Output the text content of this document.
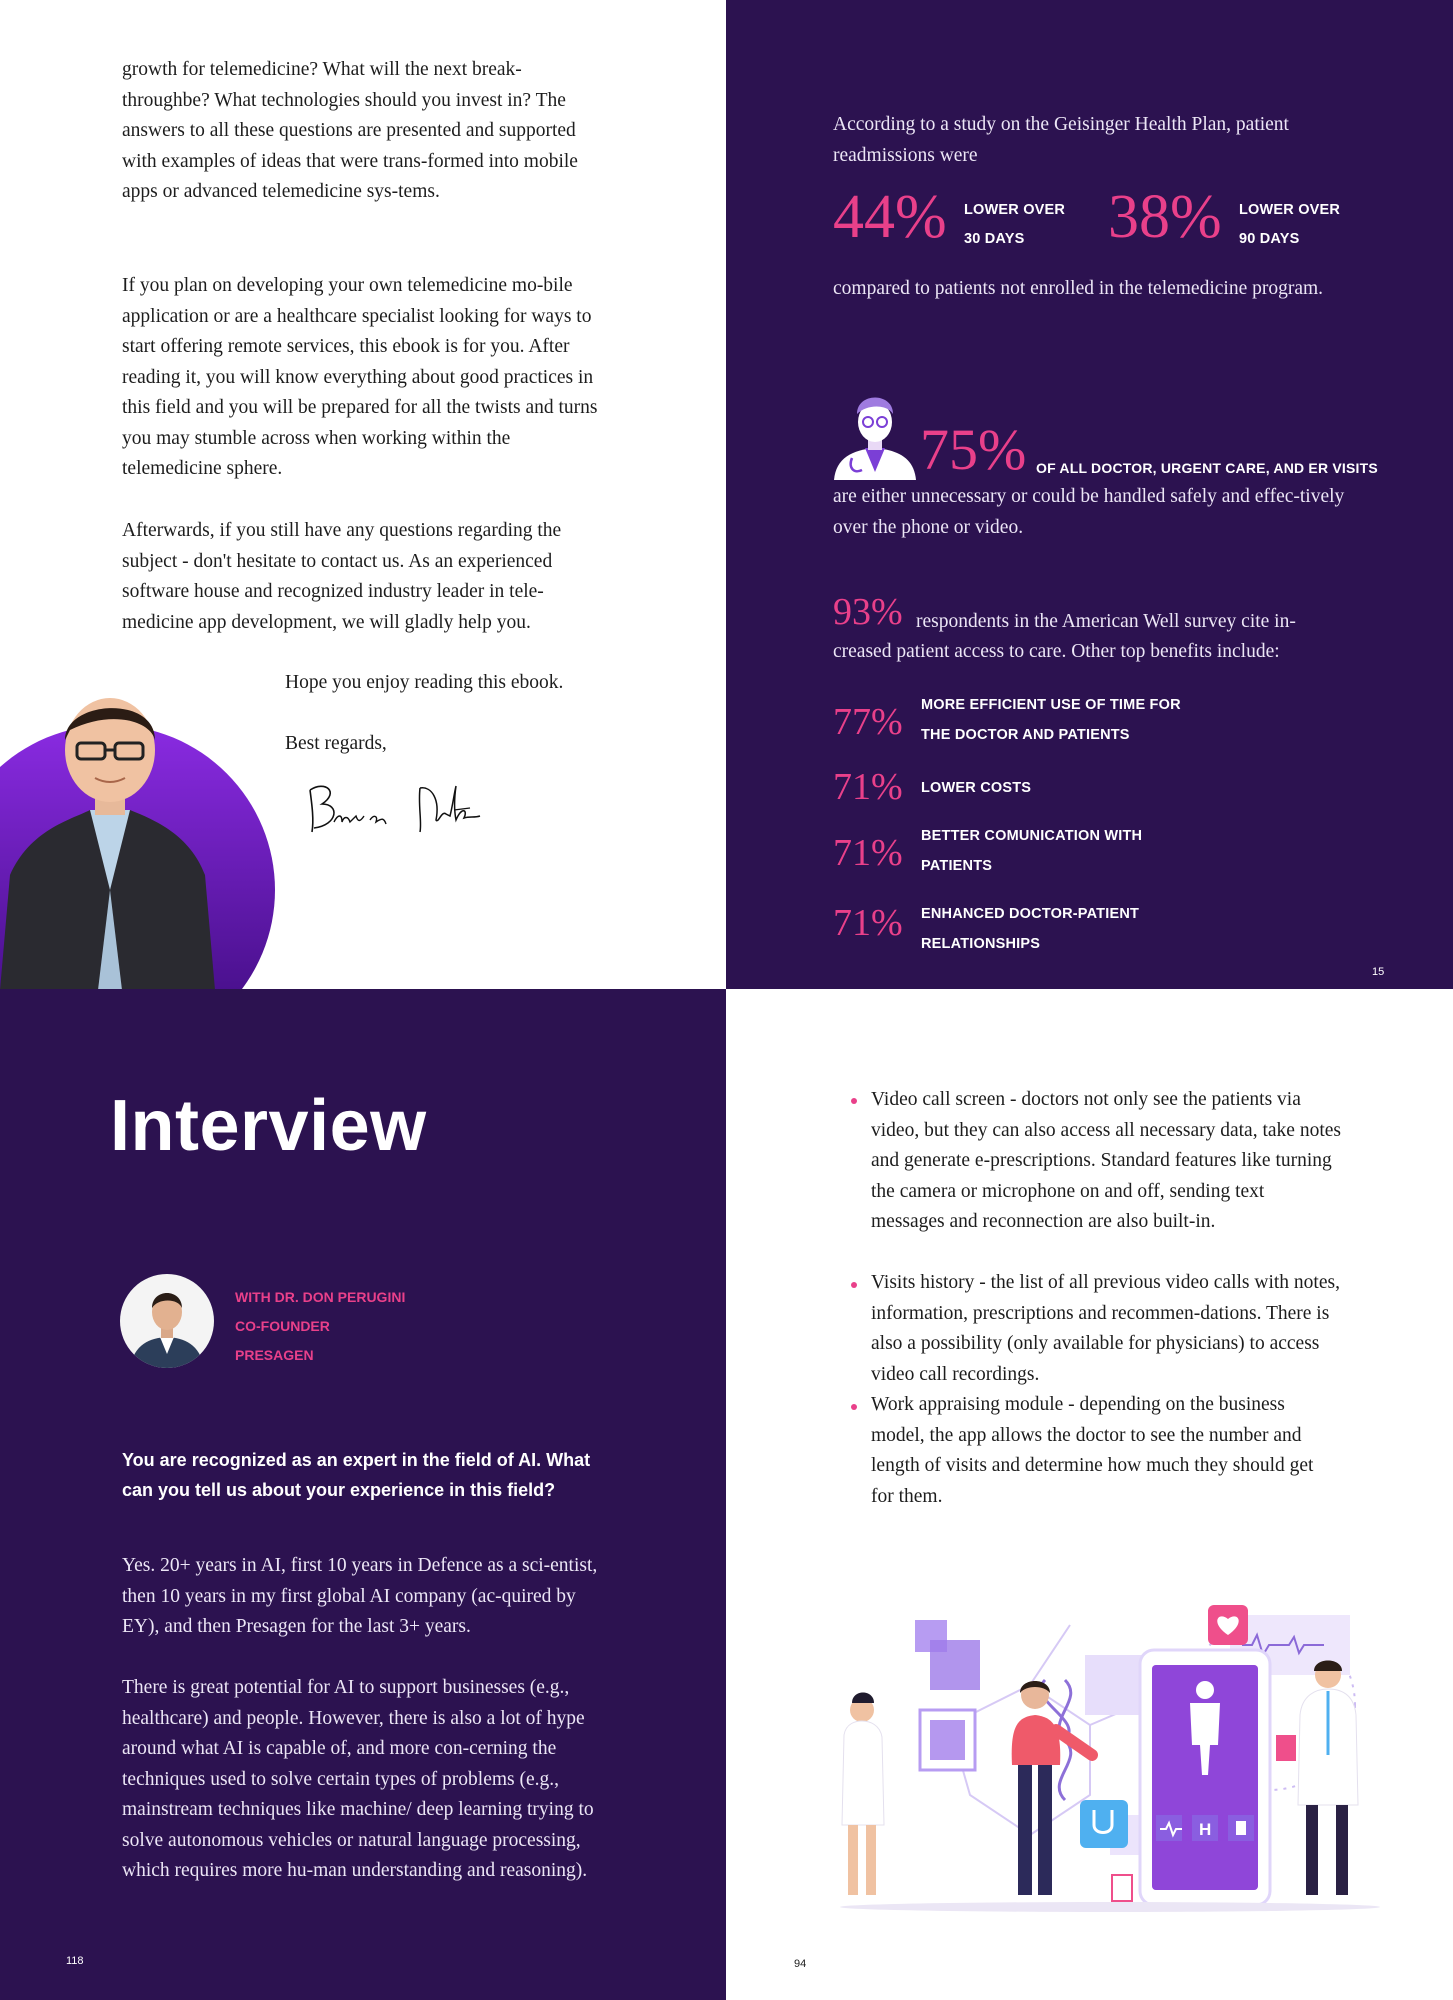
growth for telemedicine? What will the next break-throughbe? What technologies should you invest in? The answers to all these questions are presented and supported with examples of ideas that were trans-formed into mobile apps or advanced telemedicine sys-tems.

If you plan on developing your own telemedicine mo-bile application or are a healthcare specialist looking for ways to start offering remote services, this ebook is for you. After reading it, you will know everything about good practices in this field and you will be prepared for all the twists and turns you may stumble across when working within the telemedicine sphere.

Afterwards, if you still have any questions regarding the subject - don't hesitate to contact us. As an experienced software house and recognized industry leader in tele-medicine app development, we will gladly help you.

Hope you enjoy reading this ebook.
Best regards,

According to a study on the Geisinger Health Plan, patient readmissions were

44% LOWER OVER
30 DAYS 38% LOWER OVER
90 DAYS

compared to patients not enrolled in the telemedicine program.

75% OF ALL DOCTOR, URGENT CARE, AND ER VISITS

are either unnecessary or could be handled safely and effec-tively over the phone or video.

93% respondents in the American Well survey cite in-
creased patient access to care. Other top benefits include:
77% MORE EFFICIENT USE OF TIME FOR
THE DOCTOR AND PATIENTS
71% LOWER COSTS
71% BETTER COMUNICATION WITH
PATIENTS
71% ENHANCED DOCTOR-PATIENT
RELATIONSHIPS
15
Interview
WITH DR. DON PERUGINI
CO-FOUNDER
PRESAGEN

You are recognized as an expert in the field of AI. What can you tell us about your experience in this field?

Yes. 20+ years in AI, first 10 years in Defence as a sci-entist, then 10 years in my first global AI company (ac-quired by EY), and then Presagen for the last 3+ years.

There is great potential for AI to support businesses (e.g., healthcare) and people. However, there is also a lot of hype around what AI is capable of, and more con-cerning the techniques used to solve certain types of problems (e.g., mainstream techniques like machine/ deep learning trying to solve autonomous vehicles or natural language processing, which requires more hu-man understanding and reasoning).

118

Video call screen - doctors not only see the patients via video, but they can also access all necessary data, take notes and generate e-prescriptions. Standard features like turning the camera or microphone on and off, sending text messages and reconnection are also built-in.

Visits history - the list of all previous video calls with notes, information, prescriptions and recommen-dations. There is also a possibility (only available for physicians) to access video call recordings.

Work appraising module - depending on the business model, the app allows the doctor to see the number and length of visits and determine how much they should get for them.

H
94
